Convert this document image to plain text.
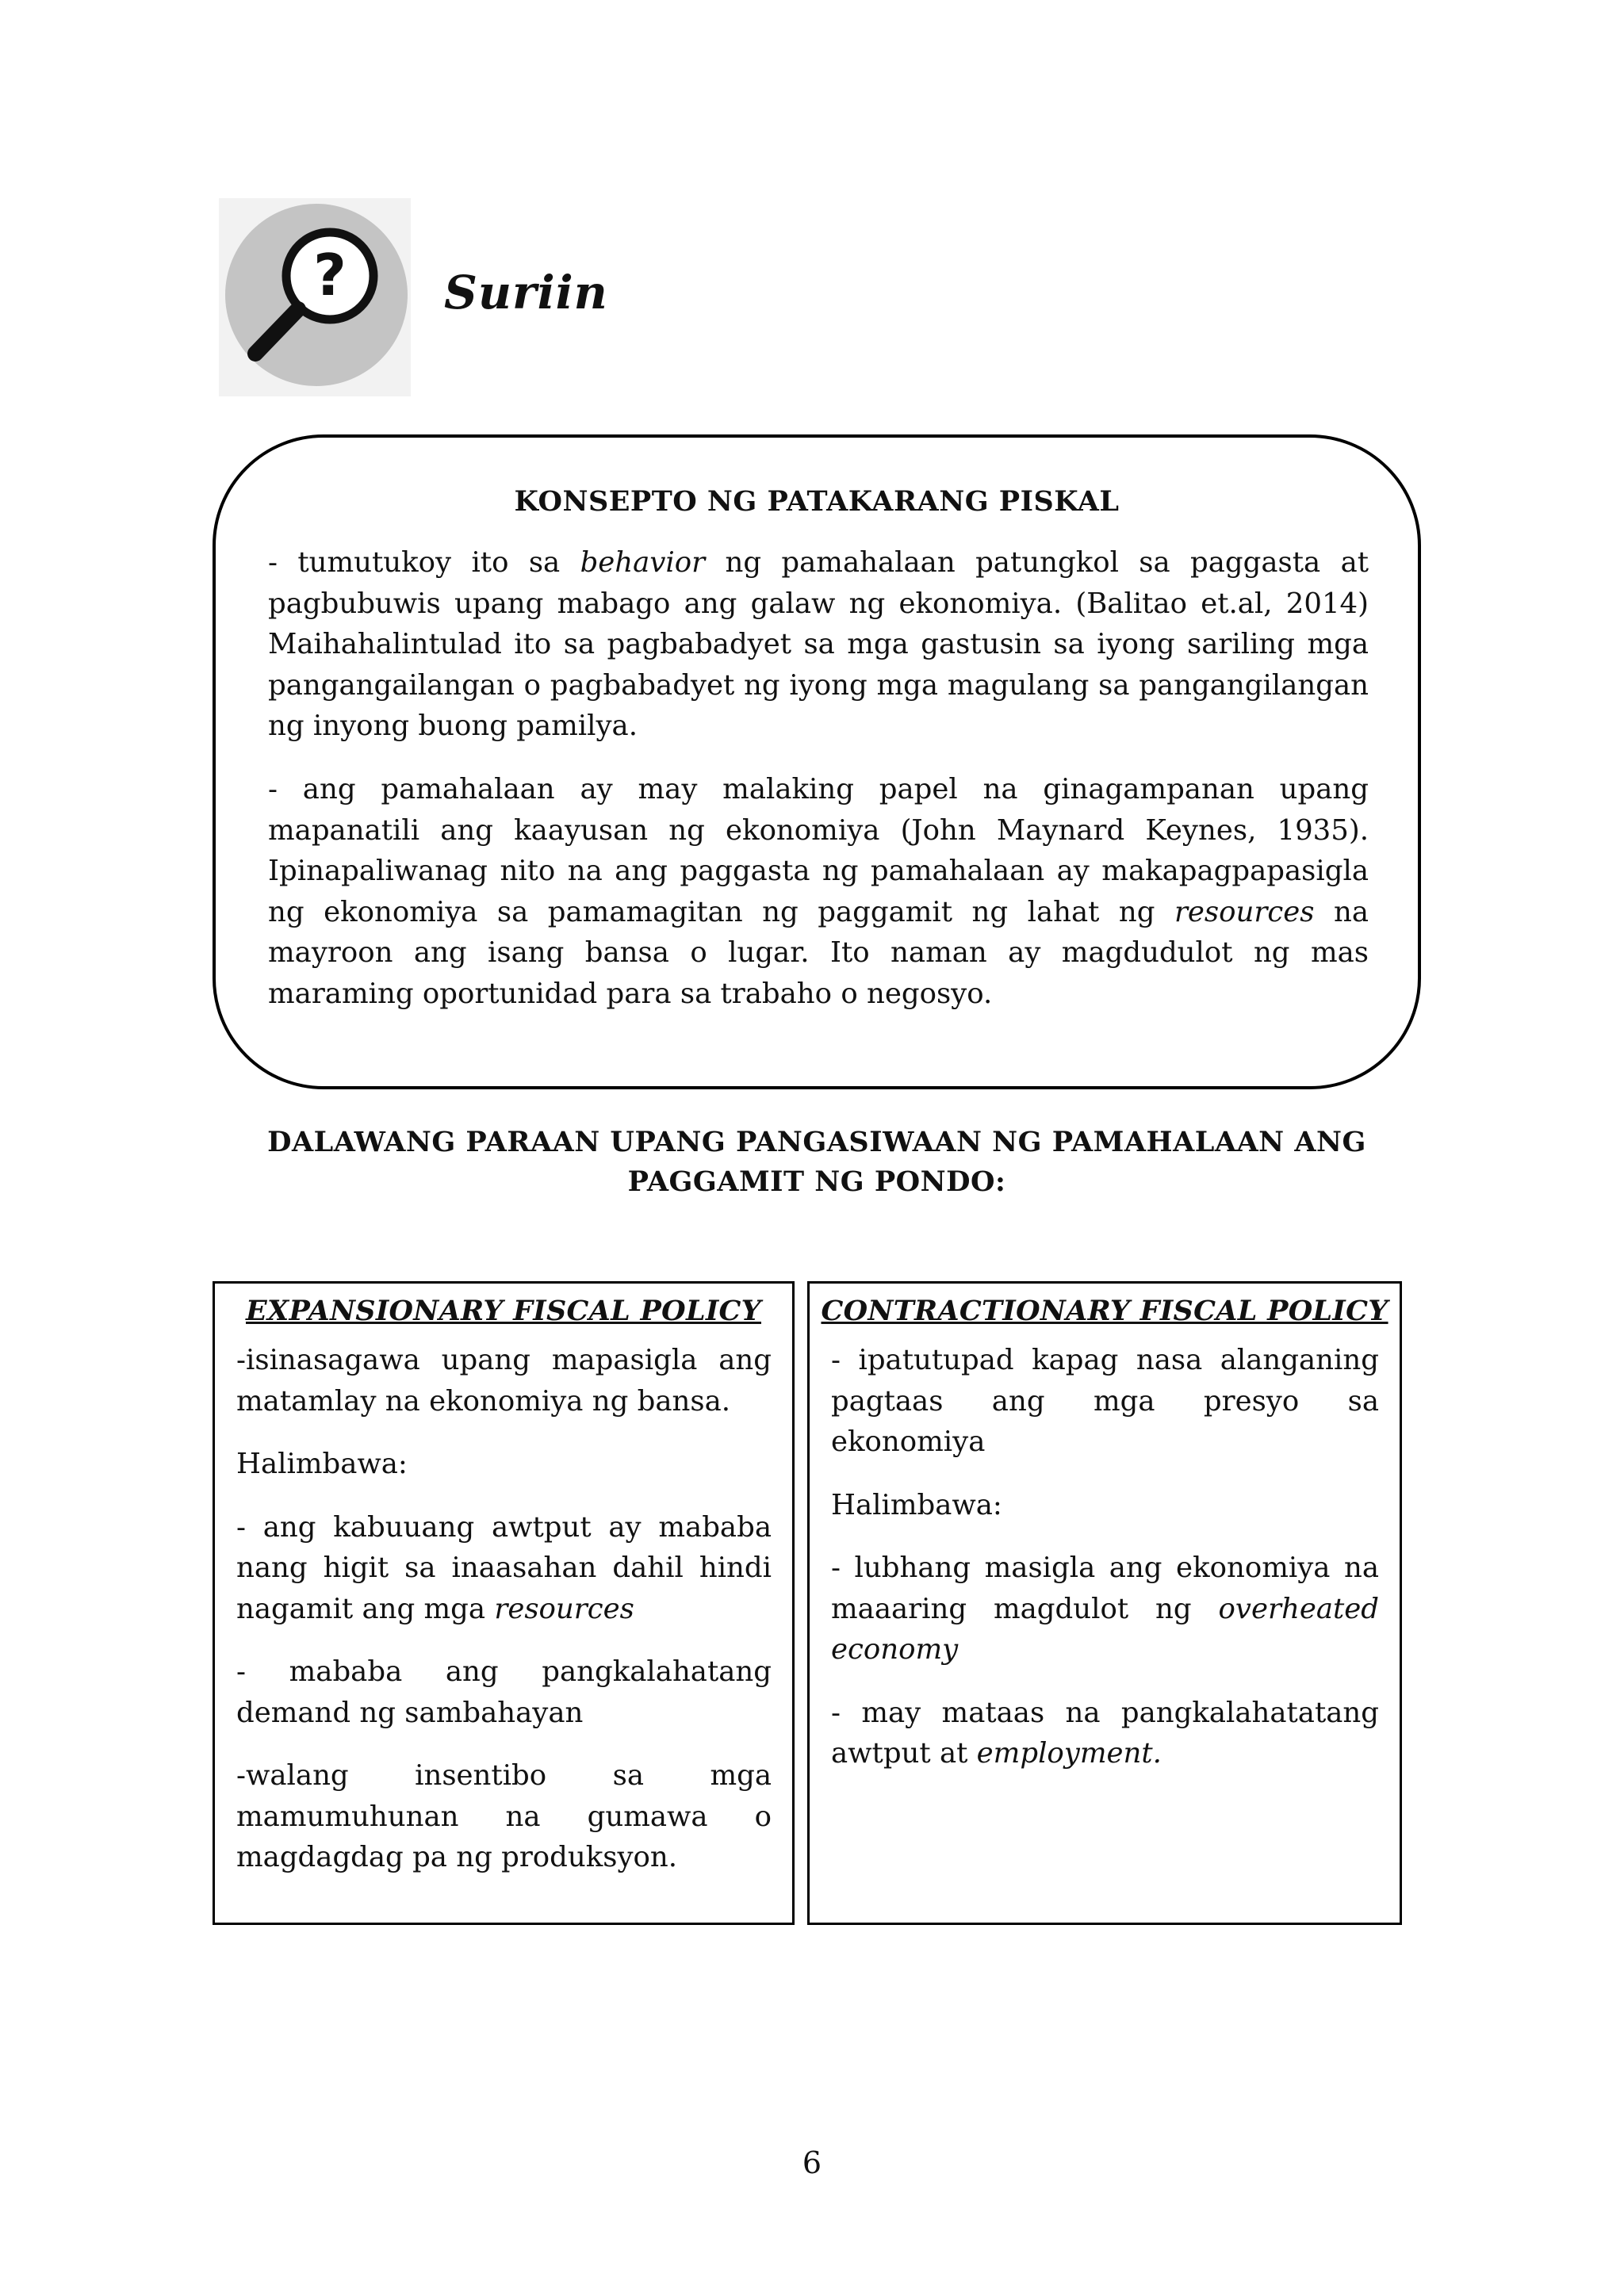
? Suriin
KONSEPTO NG PATAKARANG PISKAL

- tumutukoy ito sa behavior ng pamahalaan patungkol sa paggasta at pagbubuwis upang mabago ang galaw ng ekonomiya. (Balitao et.al, 2014) Maihahalintulad ito sa pagbabadyet sa mga gastusin sa iyong sariling mga pangangailangan o pagbabadyet ng iyong mga magulang sa pangangilangan ng inyong buong pamilya.

- ang pamahalaan ay may malaking papel na ginagampanan upang mapanatili ang kaayusan ng ekonomiya (John Maynard Keynes, 1935). Ipinapaliwanag nito na ang paggasta ng pamahalaan ay makapagpapasigla ng ekonomiya sa pamamagitan ng paggamit ng lahat ng resources na mayroon ang isang bansa o lugar. Ito naman ay magdudulot ng mas maraming oportunidad para sa trabaho o negosyo.

DALAWANG PARAAN UPANG PANGASIWAAN NG PAMAHALAAN ANG
PAGGAMIT NG PONDO:
EXPANSIONARY FISCAL POLICY

-isinasagawa upang mapasigla ang matamlay na ekonomiya ng bansa.

Halimbawa:

- ang kabuuang awtput ay mababa nang higit sa inaasahan dahil hindi nagamit ang mga resources

- mababa ang pangkalahatang demand ng sambahayan

-walang insentibo sa mga mamumuhunan na gumawa o magdagdag pa ng produksyon.

CONTRACTIONARY FISCAL POLICY

- ipatutupad kapag nasa alanganing pagtaas ang mga presyo sa ekonomiya

Halimbawa:

- lubhang masigla ang ekonomiya na maaaring magdulot ng overheated economy

- may mataas na pangkalahatatang awtput at employment.

6
